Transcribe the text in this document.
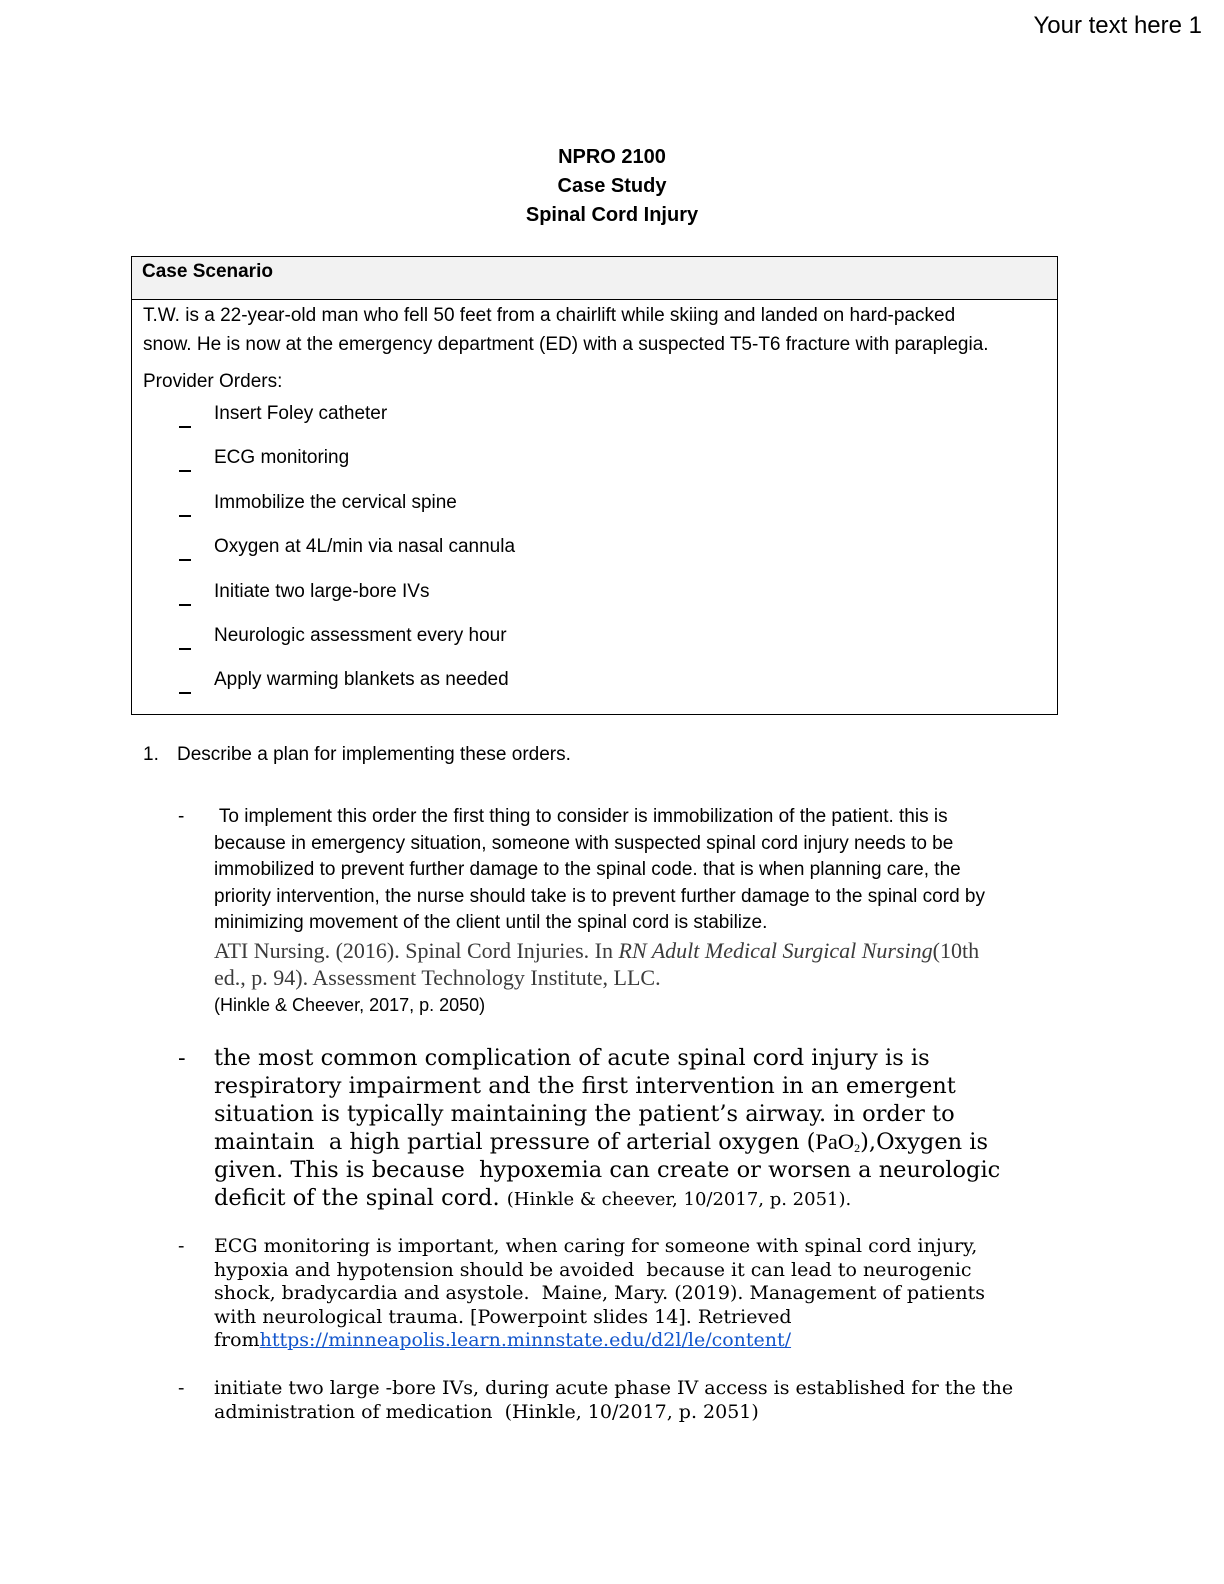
Your text here 1
NPRO 2100
Case Study
Spinal Cord Injury
Case Scenario
T.W. is a 22-year-old man who fell 50 feet from a chairlift while skiing and landed on hard-packed
snow. He is now at the emergency department (ED) with a suspected T5-T6 fracture with paraplegia.
Provider Orders:
Insert Foley catheter
ECG monitoring
Immobilize the cervical spine
Oxygen at 4L/min via nasal cannula
Initiate two large-bore IVs
Neurologic assessment every hour
Apply warming blankets as needed
1. Describe a plan for implementing these orders.
- To implement this order the first thing to consider is immobilization of the patient. this is
because in emergency situation, someone with suspected spinal cord injury needs to be
immobilized to prevent further damage to the spinal code. that is when planning care, the
priority intervention, the nurse should take is to prevent further damage to the spinal cord by
minimizing movement of the client until the spinal cord is stabilize.
ATI Nursing. (2016). Spinal Cord Injuries. In RN Adult Medical Surgical Nursing(10th
ed., p. 94). Assessment Technology Institute, LLC.
(Hinkle & Cheever, 2017, p. 2050)
- the most common complication of acute spinal cord injury is is
respiratory impairment and the first intervention in an emergent
situation is typically maintaining the patient’s airway. in order to
maintain  a high partial pressure of arterial oxygen (PaO$_2$),Oxygen is
given. This is because  hypoxemia can create or worsen a neurologic
deficit of the spinal cord. (Hinkle & cheever, 10/2017, p. 2051).
- ECG monitoring is important, when caring for someone with spinal cord injury,
hypoxia and hypotension should be avoided  because it can lead to neurogenic
shock, bradycardia and asystole.  Maine, Mary. (2019). Management of patients
with neurological trauma. [Powerpoint slides 14]. Retrieved
fromhttps://minneapolis.learn.minnstate.edu/d2l/le/content/
- initiate two large -bore IVs, during acute phase IV access is established for the the
administration of medication  (Hinkle, 10/2017, p. 2051)
